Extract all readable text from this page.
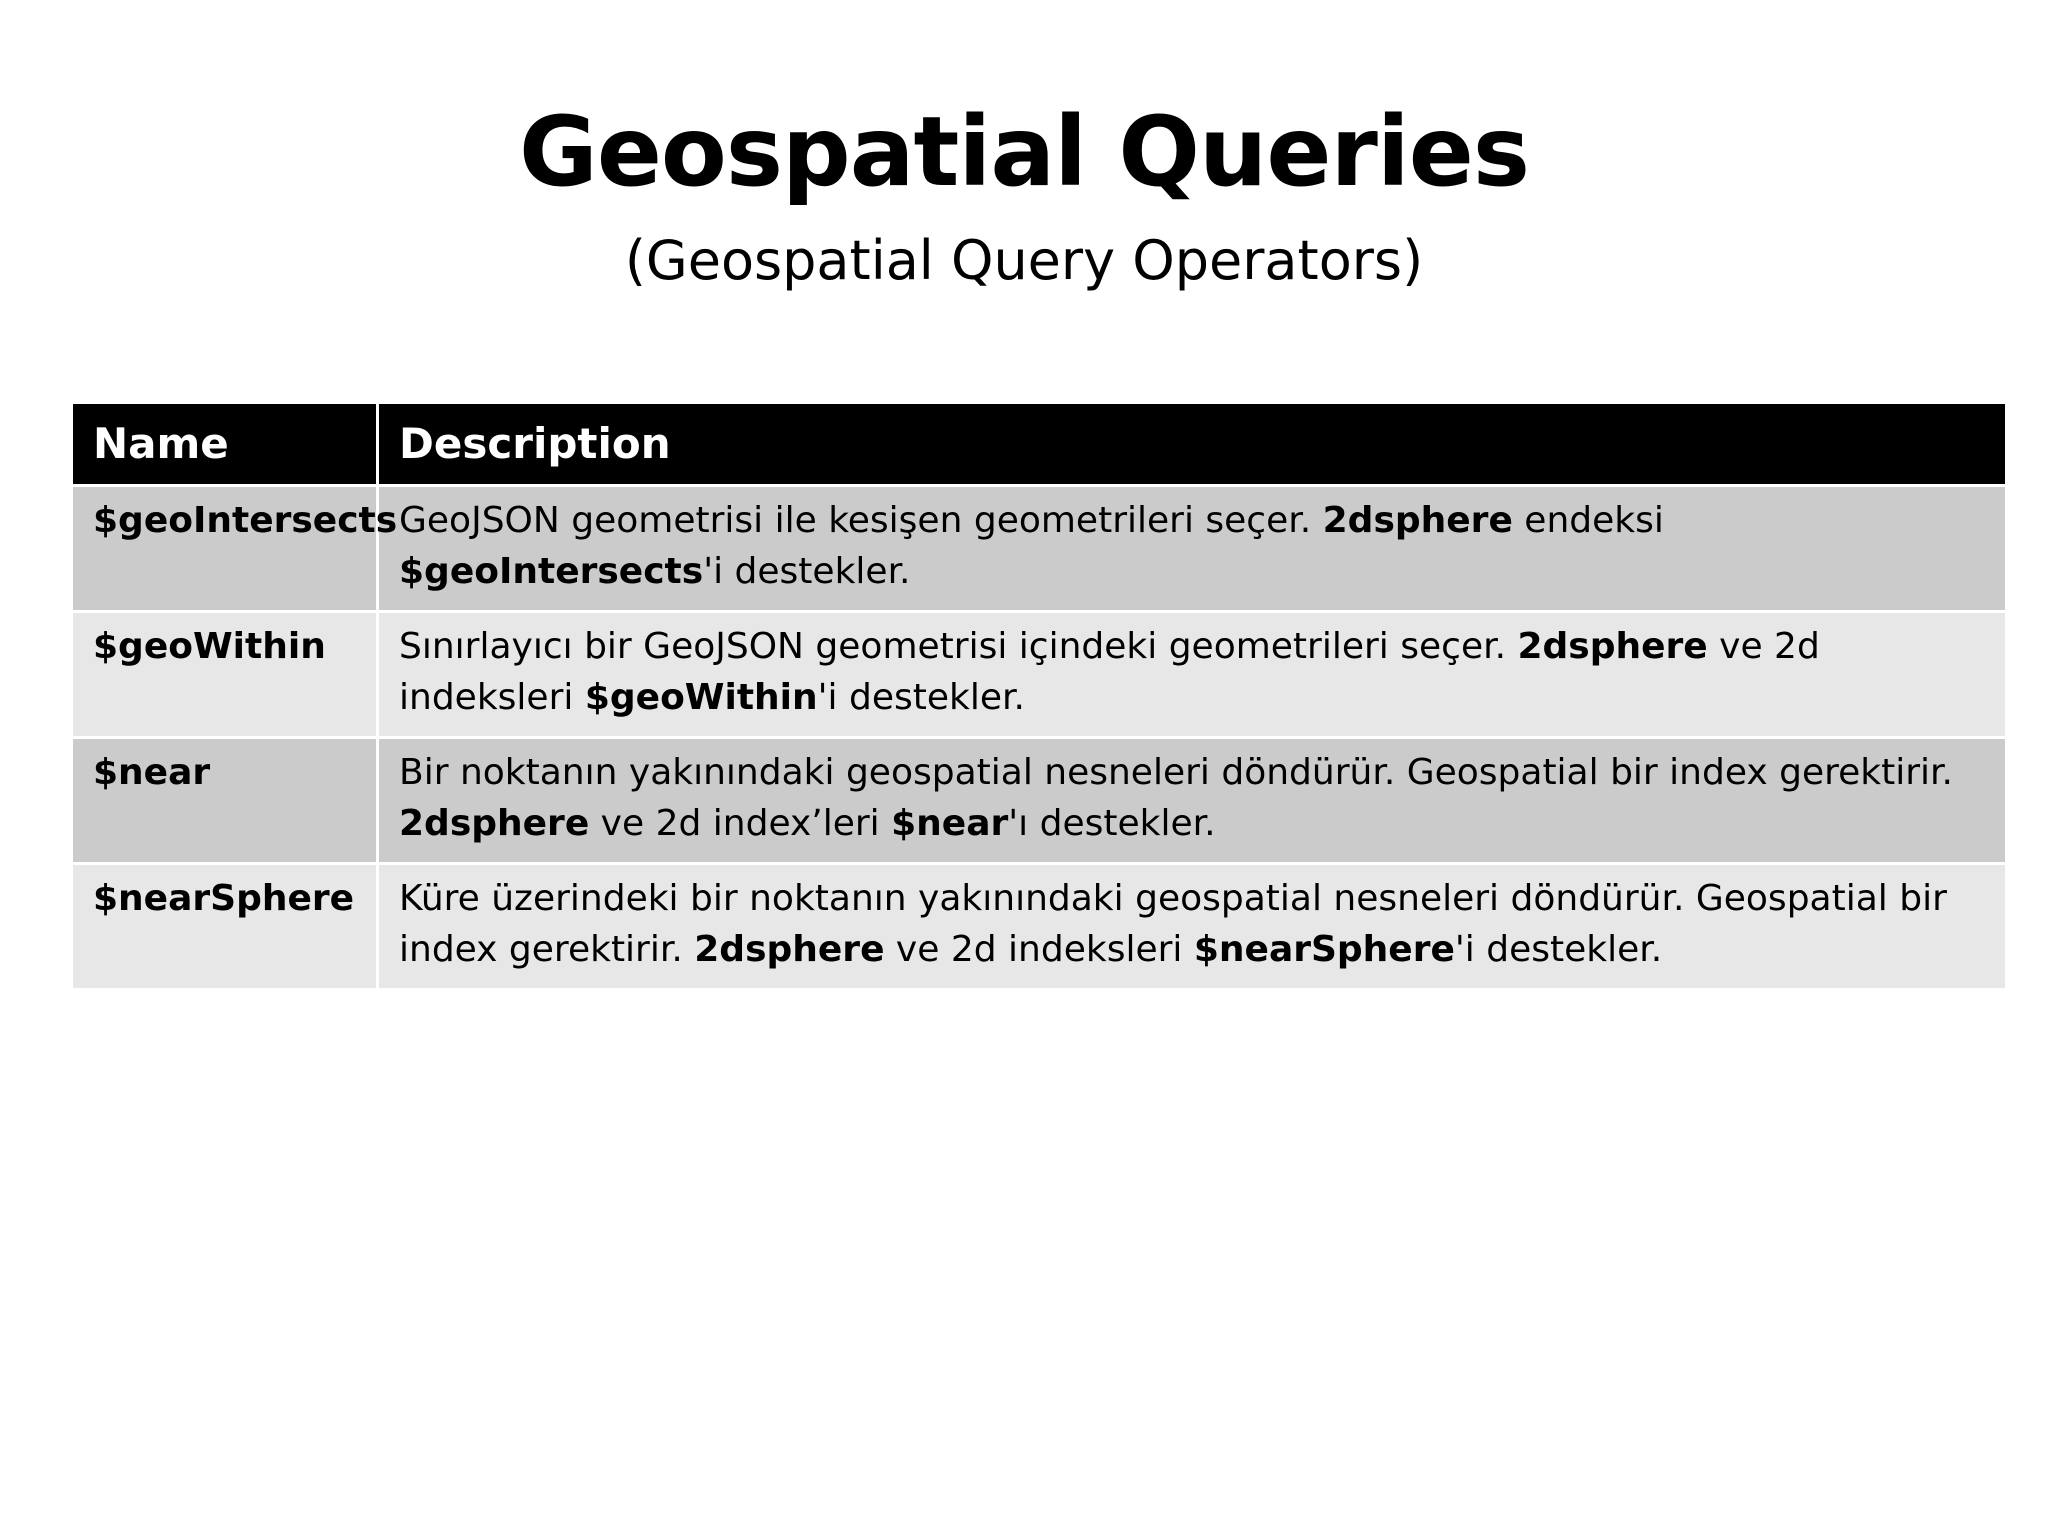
Geospatial Queries
(Geospatial Query Operators)
Name	Description
$geoIntersects	GeoJSON geometrisi ile kesişen geometrileri seçer. 2dsphere endeksi $geoIntersects'i destekler.
$geoWithin	Sınırlayıcı bir GeoJSON geometrisi içindeki geometrileri seçer. 2dsphere ve 2d indeksleri $geoWithin'i destekler.
$near	Bir noktanın yakınındaki geospatial nesneleri döndürür. Geospatial bir index gerektirir. 2dsphere ve 2d index’leri $near'ı destekler.
$nearSphere	Küre üzerindeki bir noktanın yakınındaki geospatial nesneleri döndürür. Geospatial bir index gerektirir. 2dsphere ve 2d indeksleri $nearSphere'i destekler.
